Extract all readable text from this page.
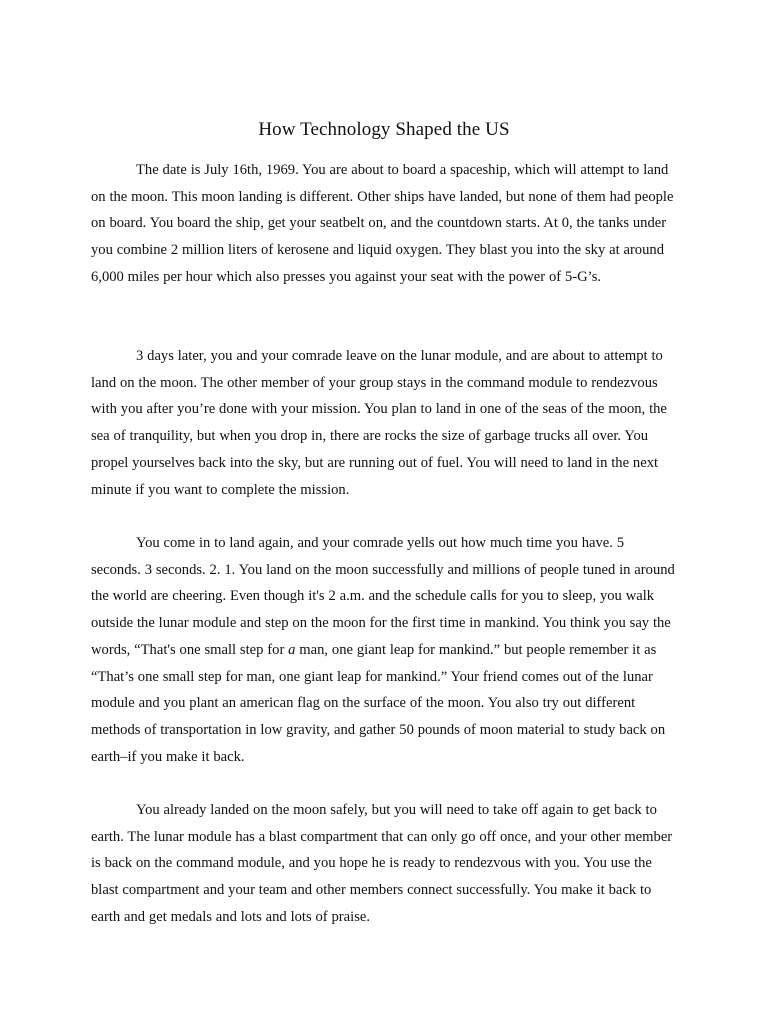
How Technology Shaped the US

The date is July 16th, 1969. You are about to board a spaceship, which will attempt to land on the moon. This moon landing is different. Other ships have landed, but none of them had people on board. You board the ship, get your seatbelt on, and the countdown starts. At 0, the tanks under you combine 2 million liters of kerosene and liquid oxygen. They blast you into the sky at around 6,000 miles per hour which also presses you against your seat with the power of 5-G’s.

3 days later, you and your comrade leave on the lunar module, and are about to attempt to land on the moon. The other member of your group stays in the command module to rendezvous with you after you’re done with your mission. You plan to land in one of the seas of the moon, the sea of tranquility, but when you drop in, there are rocks the size of garbage trucks all over. You propel yourselves back into the sky, but are running out of fuel. You will need to land in the next minute if you want to complete the mission.

You come in to land again, and your comrade yells out how much time you have. 5 seconds. 3 seconds. 2. 1. You land on the moon successfully and millions of people tuned in around the world are cheering. Even though it's 2 a.m. and the schedule calls for you to sleep, you walk outside the lunar module and step on the moon for the first time in mankind. You think you say the words, “That's one small step for a man, one giant leap for mankind.” but people remember it as “That’s one small step for man, one giant leap for mankind.” Your friend comes out of the lunar module and you plant an american flag on the surface of the moon. You also try out different methods of transportation in low gravity, and gather 50 pounds of moon material to study back on earth–if you make it back.

You already landed on the moon safely, but you will need to take off again to get back to earth. The lunar module has a blast compartment that can only go off once, and your other member is back on the command module, and you hope he is ready to rendezvous with you. You use the blast compartment and your team and other members connect successfully. You make it back to earth and get medals and lots and lots of praise.
